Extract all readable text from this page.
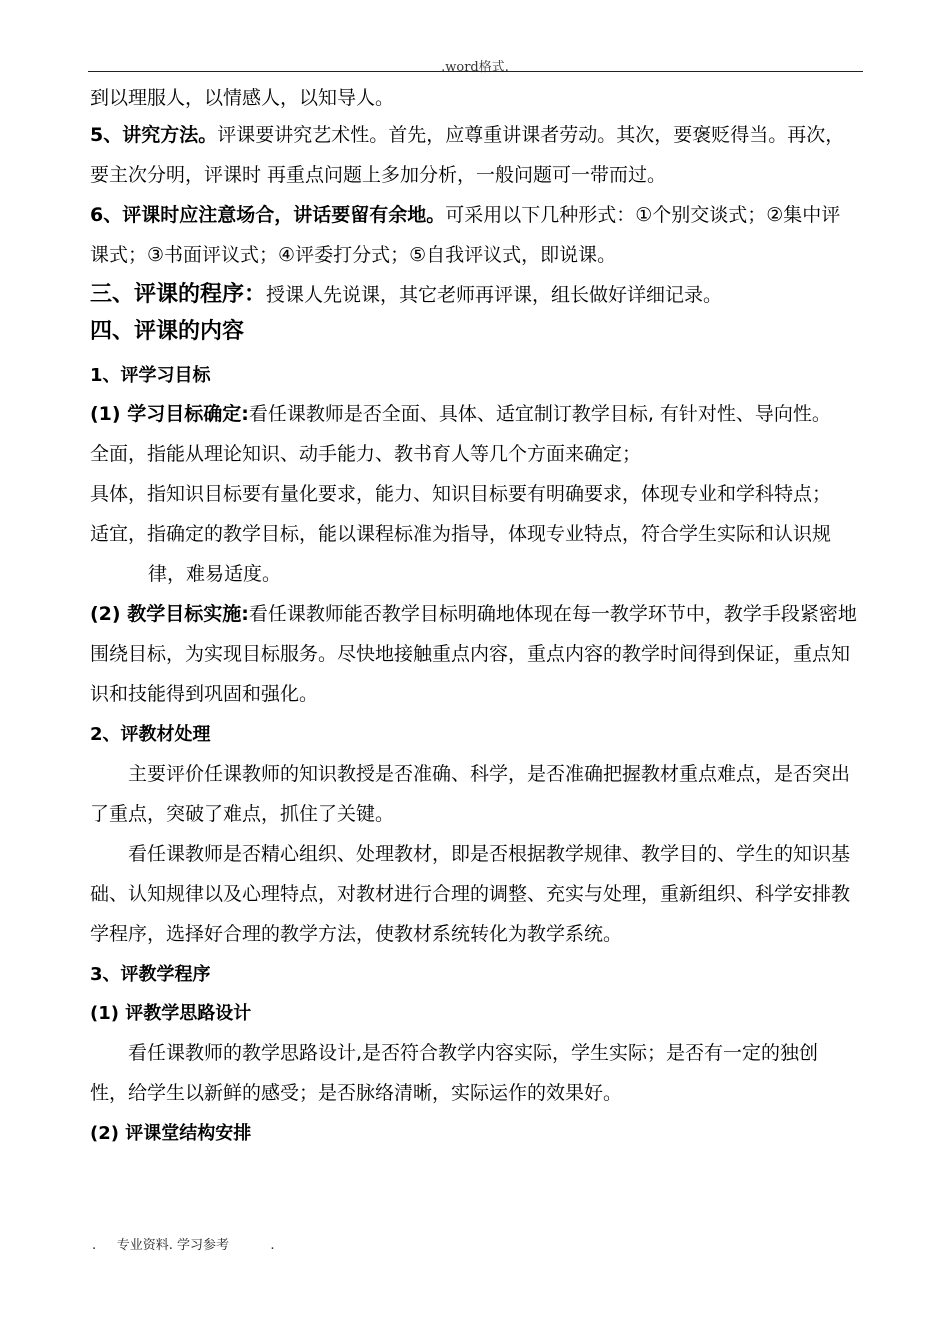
.word格式.
到以理服人，以情感人，以知导人。
5、讲究方法。评课要讲究艺术性。首先，应尊重讲课者劳动。其次，要褒贬得当。再次，
要主次分明，评课时 再重点问题上多加分析，一般问题可一带而过。
6、评课时应注意场合，讲话要留有余地。可采用以下几种形式：①个别交谈式；②集中评
课式；③书面评议式；④评委打分式；⑤自我评议式，即说课。
三、评课的程序：授课人先说课，其它老师再评课，组长做好详细记录。
四、评课的内容
1、评学习目标
(1) 学习目标确定:看任课教师是否全面、具体、适宜制订教学目标, 有针对性、导向性。
全面，指能从理论知识、动手能力、教书育人等几个方面来确定；
具体，指知识目标要有量化要求，能力、知识目标要有明确要求，体现专业和学科特点；
适宜，指确定的教学目标，能以课程标准为指导，体现专业特点，符合学生实际和认识规
律，难易适度。
(2) 教学目标实施:看任课教师能否教学目标明确地体现在每一教学环节中，教学手段紧密地
围绕目标，为实现目标服务。尽快地接触重点内容，重点内容的教学时间得到保证，重点知
识和技能得到巩固和强化。
2、评教材处理
主要评价任课教师的知识教授是否准确、科学，是否准确把握教材重点难点，是否突出
了重点，突破了难点，抓住了关键。
看任课教师是否精心组织、处理教材，即是否根据教学规律、教学目的、学生的知识基
础、认知规律以及心理特点，对教材进行合理的调整、充实与处理，重新组织、科学安排教
学程序，选择好合理的教学方法，使教材系统转化为教学系统。
3、评教学程序
(1) 评教学思路设计
看任课教师的教学思路设计,是否符合教学内容实际，学生实际；是否有一定的独创
性，给学生以新鲜的感受；是否脉络清晰，实际运作的效果好。
(2) 评课堂结构安排
.     专业资料. 学习参考          .
